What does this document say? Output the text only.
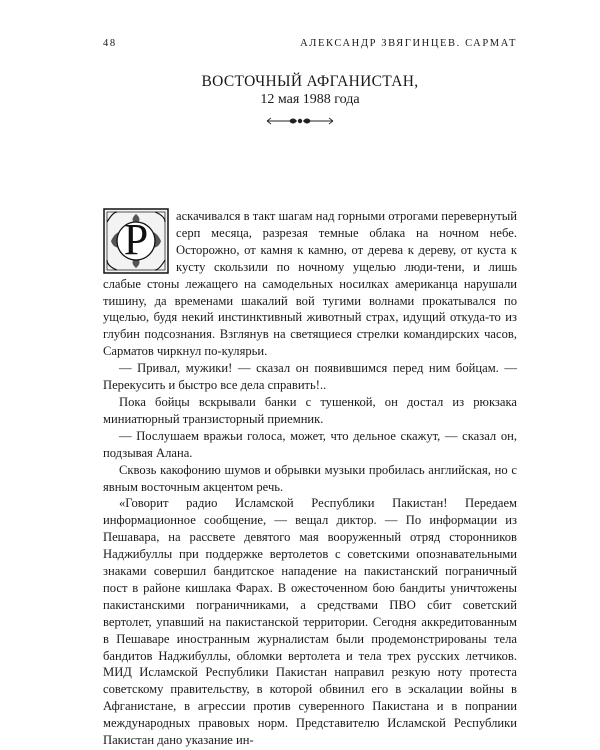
48	АЛЕКСАНДР ЗВЯГИНЦЕВ. САРМАТ
ВОСТОЧНЫЙ АФГАНИСТАН,
12 мая 1988 года
Р	аскачивался в такт шагам над горными отрогами перевернутый серп месяца, разрезая темные облака на ночном небе. Осторожно, от камня к камню, от дерева к дереву, от куста к кусту скользили по ночному ущелью люди-тени, и лишь слабые стоны лежащего на самодельных носилках американца нарушали тишину, да временами шакалий вой тугими волнами прокатывался по ущелью, будя некий инстинктивный животный страх, идущий откуда-то из глубин подсознания. Взглянув на светящиеся стрелки командирских часов, Сарматов чиркнул по-кулярьи.

— Привал, мужики! — сказал он появившимся перед ним бойцам. — Перекусить и быстро все дела справить!..

Пока бойцы вскрывали банки с тушенкой, он достал из рюкзака миниатюрный транзисторный приемник.

— Послушаем вражьи голоса, может, что дельное скажут, — сказал он, подзывая Алана.

Сквозь какофонию шумов и обрывки музыки пробилась английская, но с явным восточным акцентом речь.

«Говорит радио Исламской Республики Пакистан! Передаем информационное сообщение, — вещал диктор. — По информации из Пешавара, на рассвете девятого мая вооруженный отряд сторонников Наджибуллы при поддержке вертолетов с советскими опознавательными знаками совершил бандитское нападение на пакистанский пограничный пост в районе кишлака Фарах. В ожесточенном бою бандиты уничтожены пакистанскими пограничниками, а средствами ПВО сбит советский вертолет, упавший на пакистанской территории. Сегодня аккредитованным в Пешаваре иностранным журналистам были продемонстрированы тела бандитов Наджибуллы, обломки вертолета и тела трех русских летчиков. МИД Исламской Республики Пакистан направил резкую ноту протеста советскому правительству, в которой обвинил его в эскалации войны в Афганистане, в агрессии против суверенного Пакистана и в попрании международных правовых норм. Представителю Исламской Республики Пакистан дано указание ин-
